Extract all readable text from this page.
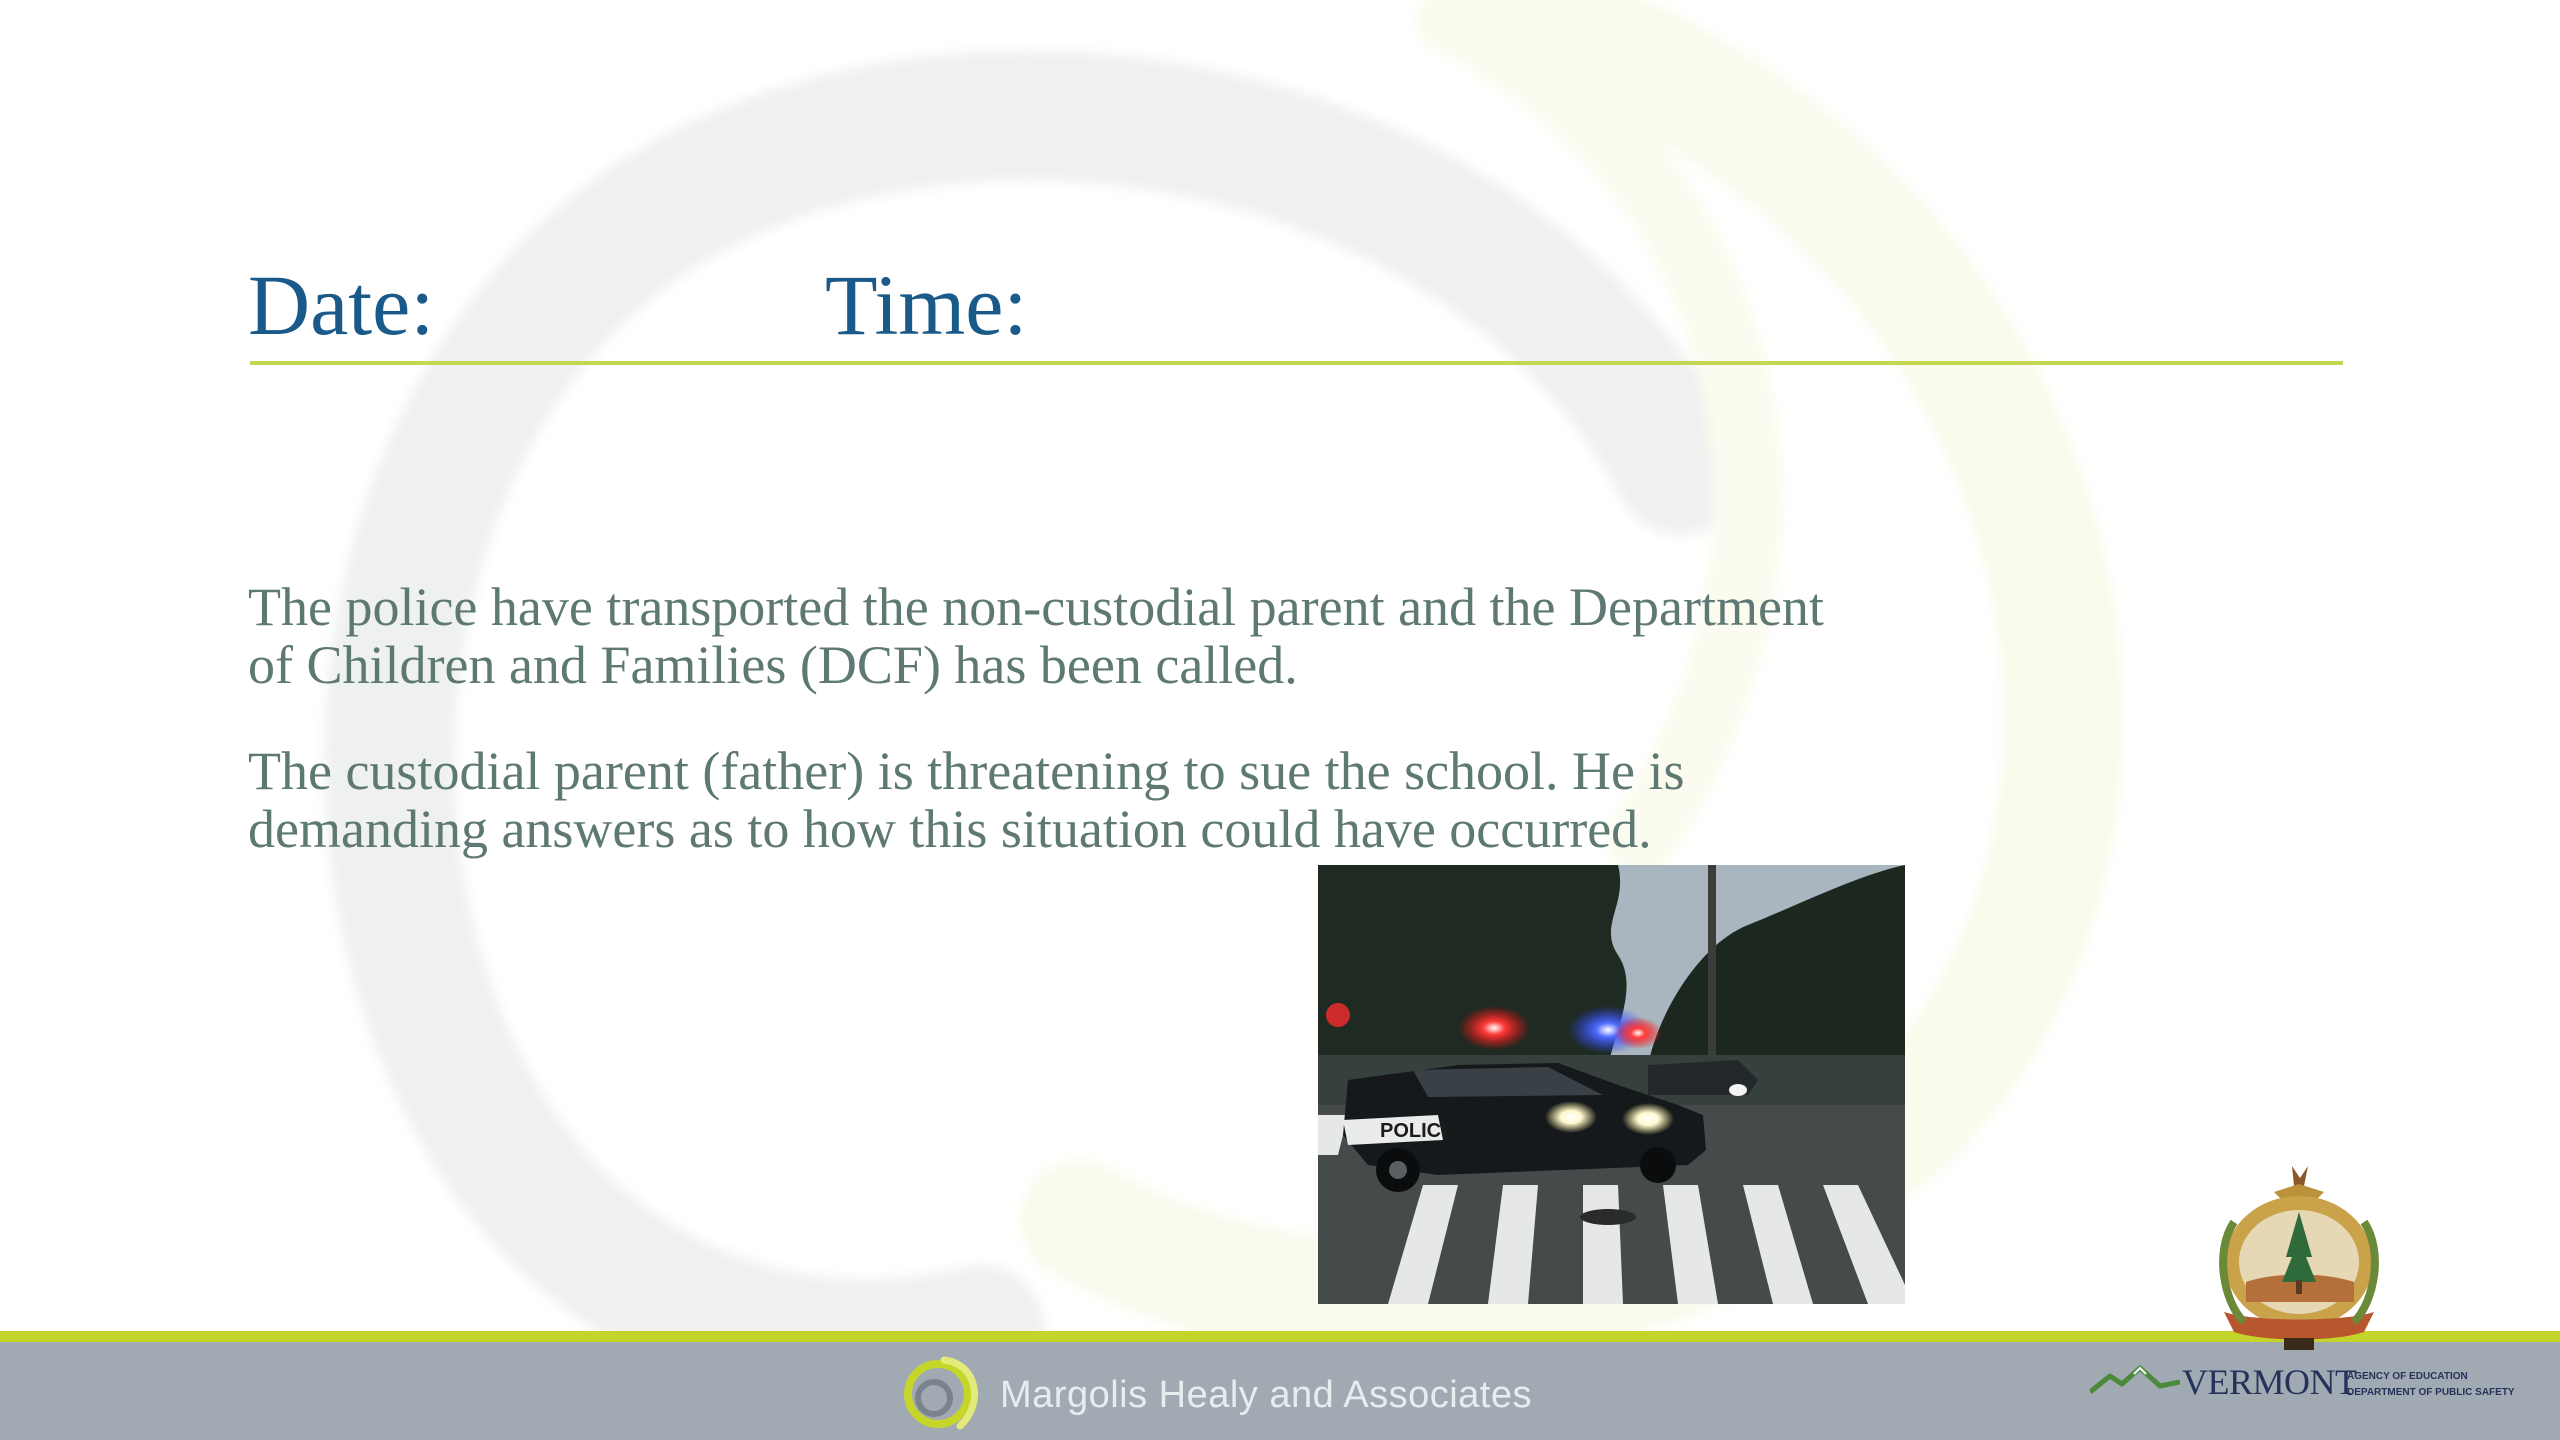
Date:	Time:

The police have transported the non-custodial parent and the Department of Children and Families (DCF) has been called.

The custodial parent (father) is threatening to sue the school. He is demanding answers as to how this situation could have occurred.

POLICE
Margolis Healy and Associates	VERMONT
AGENCY OF EDUCATION
DEPARTMENT OF PUBLIC SAFETY
